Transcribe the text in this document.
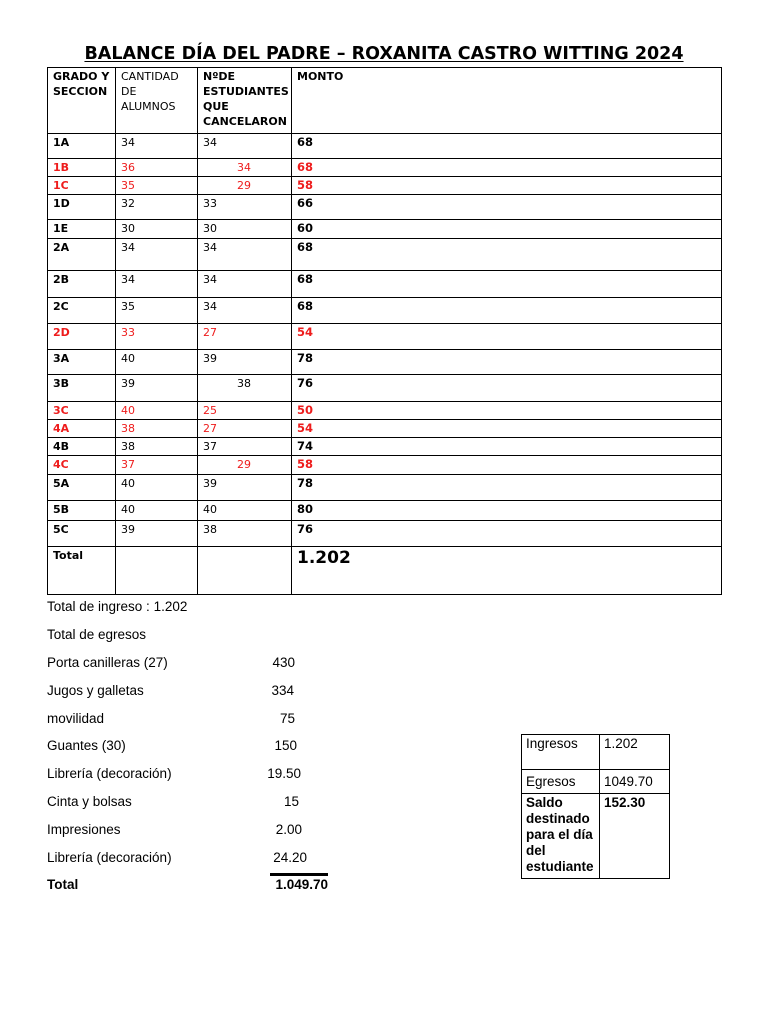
BALANCE DÍA DEL PADRE – ROXANITA CASTRO WITTING 2024
GRADO Y SECCION	CANTIDAD DE ALUMNOS	NºDE ESTUDIANTES QUE CANCELARON	MONTO
1A	34	34	68
1B	36	34	68
1C	35	29	58
1D	32	33	66
1E	30	30	60
2A	34	34	68
2B	34	34	68
2C	35	34	68
2D	33	27	54
3A	40	39	78
3B	39	38	76
3C	40	25	50
4A	38	27	54
4B	38	37	74
4C	37	29	58
5A	40	39	78
5B	40	40	80
5C	39	38	76
Total			1.202
Total de ingreso : 1.202
Total de egresos
Porta canilleras (27)	430
Jugos y galletas	334
movilidad	75
Guantes (30)	150
Librería (decoración)	19.50
Cinta y bolsas	15
Impresiones	2.00
Librería (decoración)	24.20
Total	1.049.70
Ingresos	1.202
Egresos	1049.70
Saldo destinado para el día del estudiante	152.30
